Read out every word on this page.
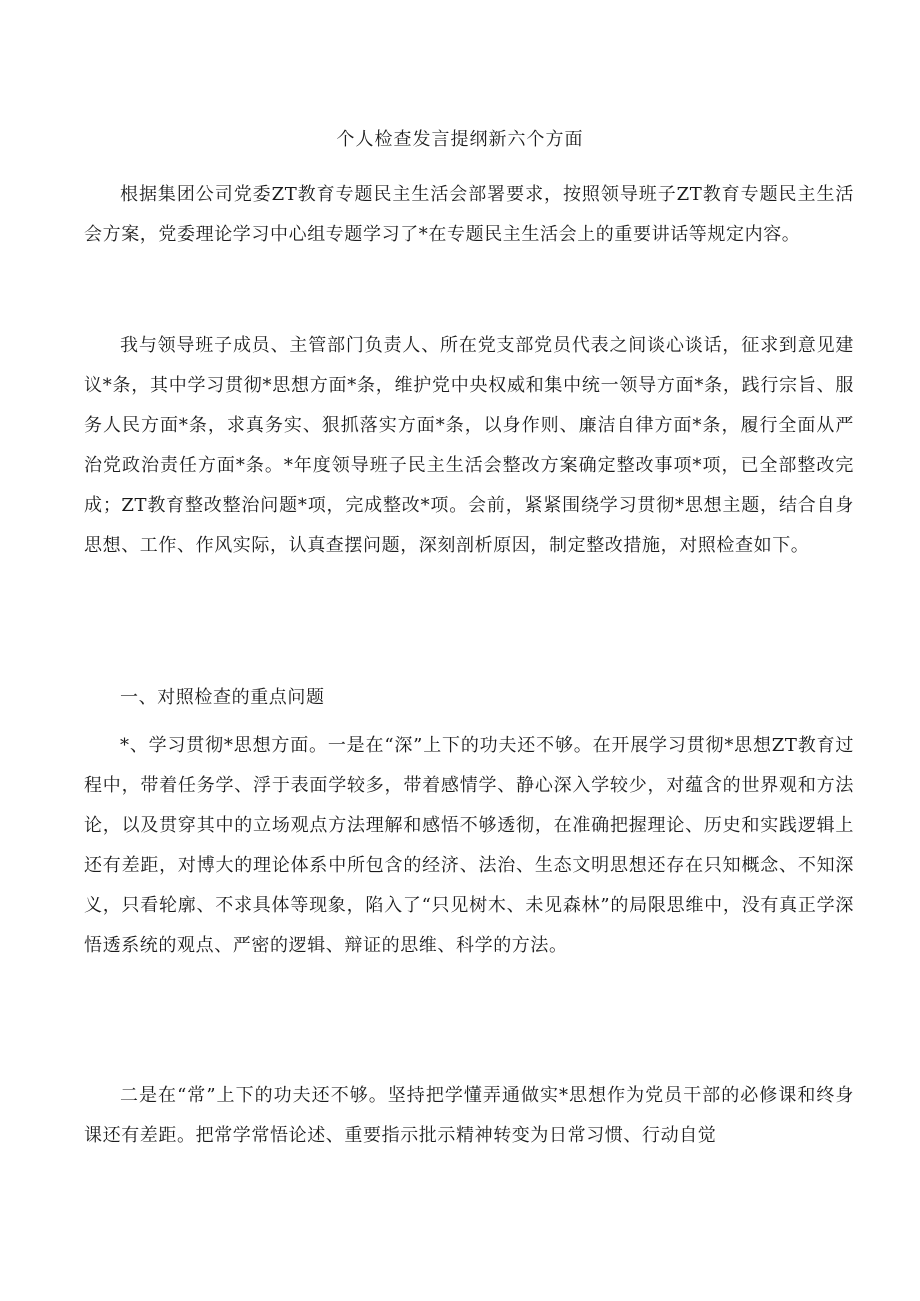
个人检查发言提纲新六个方面

根据集团公司党委ZT教育专题民主生活会部署要求，按照领导班子ZT教育专题民主生活会方案，党委理论学习中心组专题学习了*在专题民主生活会上的重要讲话等规定内容。

我与领导班子成员、主管部门负责人、所在党支部党员代表之间谈心谈话，征求到意见建议*条，其中学习贯彻*思想方面*条，维护党中央权威和集中统一领导方面*条，践行宗旨、服务人民方面*条，求真务实、狠抓落实方面*条，以身作则、廉洁自律方面*条，履行全面从严治党政治责任方面*条。*年度领导班子民主生活会整改方案确定整改事项*项，已全部整改完成；ZT教育整改整治问题*项，完成整改*项。会前，紧紧围绕学习贯彻*思想主题，结合自身思想、工作、作风实际，认真查摆问题，深刻剖析原因，制定整改措施，对照检查如下。

一、对照检查的重点问题

*、学习贯彻*思想方面。一是在“深”上下的功夫还不够。在开展学习贯彻*思想ZT教育过程中，带着任务学、浮于表面学较多，带着感情学、静心深入学较少，对蕴含的世界观和方法论，以及贯穿其中的立场观点方法理解和感悟不够透彻，在准确把握理论、历史和实践逻辑上还有差距，对博大的理论体系中所包含的经济、法治、生态文明思想还存在只知概念、不知深义，只看轮廓、不求具体等现象，陷入了“只见树木、未见森林”的局限思维中，没有真正学深悟透系统的观点、严密的逻辑、辩证的思维、科学的方法。

二是在“常”上下的功夫还不够。坚持把学懂弄通做实*思想作为党员干部的必修课和终身课还有差距。把常学常悟论述、重要指示批示精神转变为日常习惯、行动自觉
